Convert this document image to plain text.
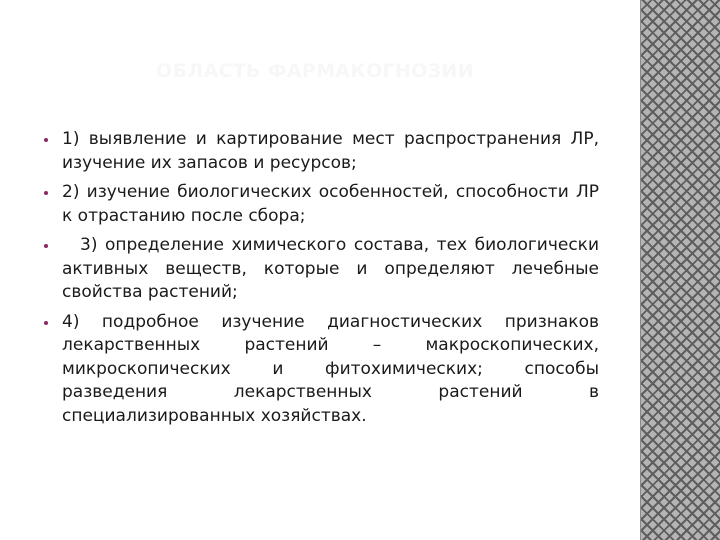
ОБЛАСТЬ ФАРМАКОГНОЗИИ
1) выявление и картирование мест распространения ЛР, изучение их запасов и ресурсов;
2) изучение биологических особенностей, способности ЛР к отрастанию после сбора;
3) определение химического состава, тех биологически активных веществ, которые и определяют лечебные свойства растений;
4) подробное изучение диагностических признаков лекарственных растений – макроскопических, микроскопических и фитохимических; способы разведения лекарственных растений в специализированных хозяйствах.
